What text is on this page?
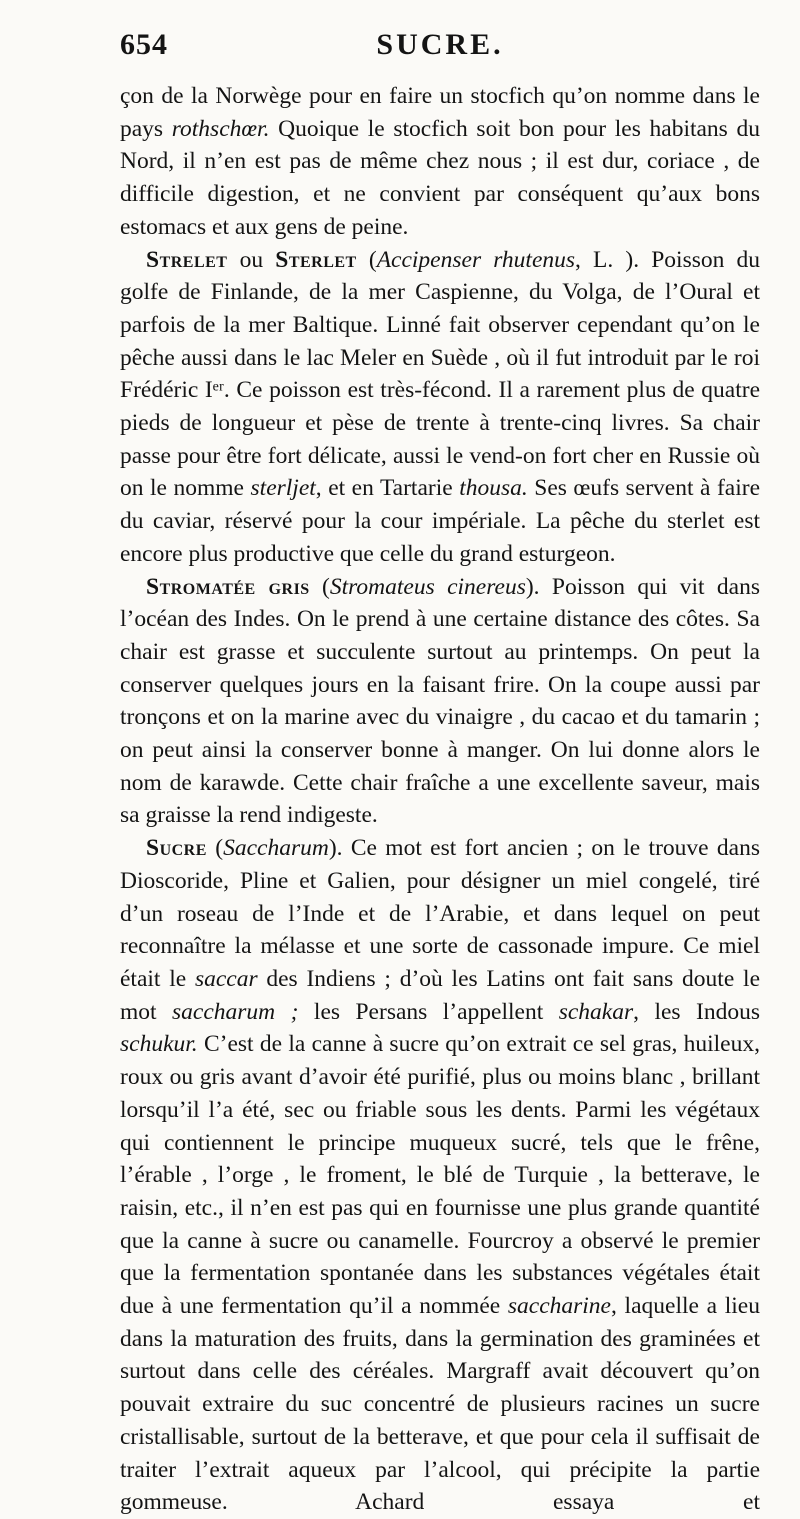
654	SUCRE.

çon de la Norwège pour en faire un stocfich qu’on nomme dans le pays rothschœr. Quoique le stocfich soit bon pour les habitans du Nord, il n’en est pas de même chez nous ; il est dur, coriace , de difficile digestion, et ne convient par conséquent qu’aux bons estomacs et aux gens de peine.

Strelet ou Sterlet (Accipenser rhutenus, L. ). Poisson du golfe de Finlande, de la mer Caspienne, du Volga, de l’Oural et parfois de la mer Baltique. Linné fait observer cependant qu’on le pêche aussi dans le lac Meler en Suède , où il fut introduit par le roi Frédéric Iᵉʳ. Ce poisson est très-fécond. Il a rarement plus de quatre pieds de longueur et pèse de trente à trente-cinq livres. Sa chair passe pour être fort délicate, aussi le vend-on fort cher en Russie où on le nomme sterljet, et en Tartarie thousa. Ses œufs servent à faire du caviar, réservé pour la cour impériale. La pêche du sterlet est encore plus productive que celle du grand esturgeon.

Stromatée gris (Stromateus cinereus). Poisson qui vit dans l’océan des Indes. On le prend à une certaine distance des côtes. Sa chair est grasse et succulente surtout au printemps. On peut la conserver quelques jours en la faisant frire. On la coupe aussi par tronçons et on la marine avec du vinaigre , du cacao et du tamarin ; on peut ainsi la conserver bonne à manger. On lui donne alors le nom de karawde. Cette chair fraîche a une excellente saveur, mais sa graisse la rend indigeste.

Sucre (Saccharum). Ce mot est fort ancien ; on le trouve dans Dioscoride, Pline et Galien, pour désigner un miel congelé, tiré d’un roseau de l’Inde et de l’Arabie, et dans lequel on peut reconnaître la mélasse et une sorte de cassonade impure. Ce miel était le saccar des Indiens ; d’où les Latins ont fait sans doute le mot saccharum ; les Persans l’appellent schakar, les Indous schukur. C’est de la canne à sucre qu’on extrait ce sel gras, huileux, roux ou gris avant d’avoir été purifié, plus ou moins blanc , brillant lorsqu’il l’a été, sec ou friable sous les dents. Parmi les végétaux qui contiennent le principe muqueux sucré, tels que le frêne, l’érable , l’orge , le froment, le blé de Turquie , la betterave, le raisin, etc., il n’en est pas qui en fournisse une plus grande quantité que la canne à sucre ou canamelle. Fourcroy a observé le premier que la fermentation spontanée dans les substances végétales était due à une fermentation qu’il a nommée saccharine, laquelle a lieu dans la maturation des fruits, dans la germination des graminées et surtout dans celle des céréales. Margraff avait découvert qu’on pouvait extraire du suc concentré de plusieurs racines un sucre cristallisable, surtout de la betterave, et que pour cela il suffisait de traiter l’extrait aqueux par l’alcool, qui précipite la partie gommeuse. Achard essaya et
